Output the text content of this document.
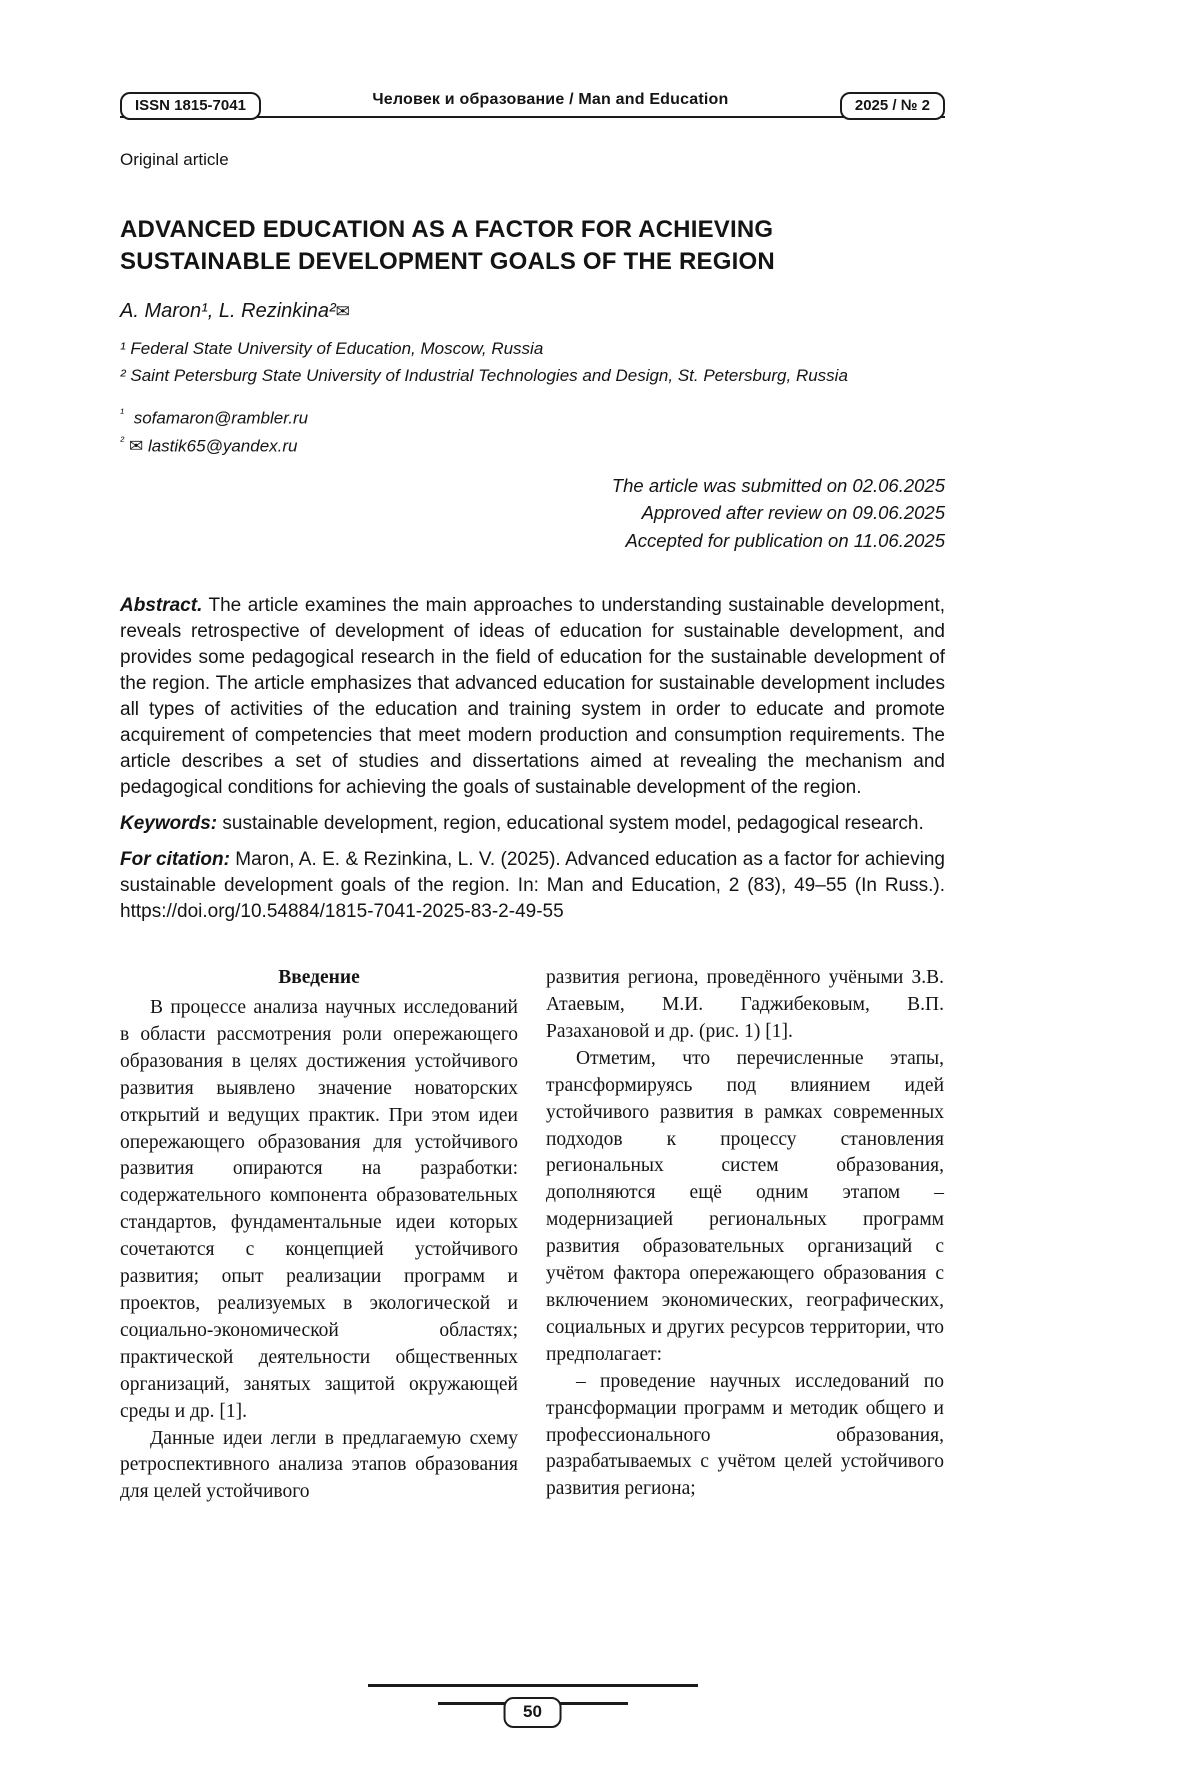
ISSN 1815-7041	Человек и образование / Man and Education	2025 / № 2
Original article
ADVANCED EDUCATION AS A FACTOR FOR ACHIEVING SUSTAINABLE DEVELOPMENT GOALS OF THE REGION
A. Maron¹, L. Rezinkina²✉
¹ Federal State University of Education, Moscow, Russia
² Saint Petersburg State University of Industrial Technologies and Design, St. Petersburg, Russia
$^{^1}$ sofamaron@rambler.ru
$^{^2}$ ✉ lastik65@yandex.ru
The article was submitted on 02.06.2025
Approved after review on 09.06.2025
Accepted for publication on 11.06.2025

Abstract. The article examines the main approaches to understanding sustainable development, reveals retrospective of development of ideas of education for sustainable development, and provides some pedagogical research in the field of education for the sustainable development of the region. The article emphasizes that advanced education for sustainable development includes all types of activities of the education and training system in order to educate and promote acquirement of competencies that meet modern production and consumption requirements. The article describes a set of studies and dissertations aimed at revealing the mechanism and pedagogical conditions for achieving the goals of sustainable development of the region.

Keywords: sustainable development, region, educational system model, pedagogical research.

For citation: Maron, A. E. & Rezinkina, L. V. (2025). Advanced education as a factor for achieving sustainable development goals of the region. In: Man and Education, 2 (83), 49–55 (In Russ.). https://doi.org/10.54884/1815-7041-2025-83-2-49-55

Введение

В процессе анализа научных исследований в области рассмотрения роли опережающего образования в целях достижения устойчивого развития выявлено значение новаторских открытий и ведущих практик. При этом идеи опережающего образования для устойчивого развития опираются на разработки: содержательного компонента образовательных стандартов, фундаментальные идеи которых сочетаются с концепцией устойчивого развития; опыт реализации программ и проектов, реализуемых в экологической и социально-экономической областях; практической деятельности общественных организаций, занятых защитой окружающей среды и др. [1].

Данные идеи легли в предлагаемую схему ретроспективного анализа этапов образования для целей устойчивого

развития региона, проведённого учёными З.В. Атаевым, М.И. Гаджибековым, В.П. Разахановой и др. (рис. 1) [1].

Отметим, что перечисленные этапы, трансформируясь под влиянием идей устойчивого развития в рамках современных подходов к процессу становления региональных систем образования, дополняются ещё одним этапом – модернизацией региональных программ развития образовательных организаций с учётом фактора опережающего образования с включением экономических, географических, социальных и других ресурсов территории, что предполагает:

– проведение научных исследований по трансформации программ и методик общего и профессионального образования, разрабатываемых с учётом целей устойчивого развития региона;

50
